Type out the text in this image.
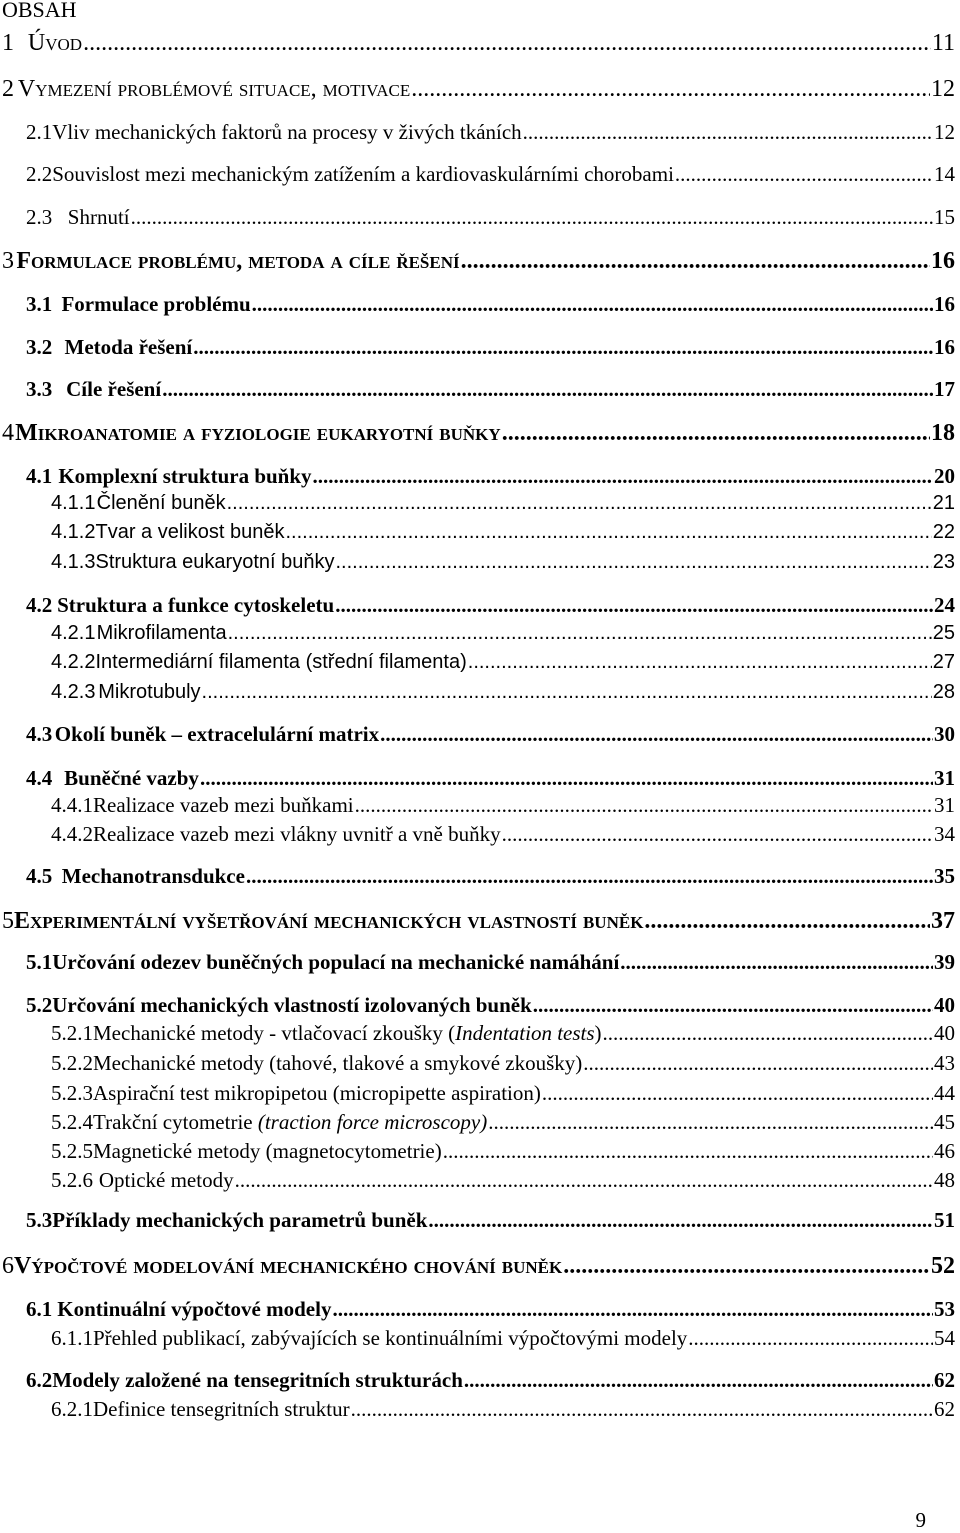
OBSAH
1 Úvod .....	11
2 Vymezení problémové situace, motivace .....	12
2.1 Vliv mechanických faktorů na procesy v živých tkáních .....	12
2.2 Souvislost mezi mechanickým zatížením a kardiovaskulárními chorobami .....	14
2.3 Shrnutí .....	15
3 Formulace problému, metoda a cíle řešení .....	16
3.1 Formulace problému .....	16
3.2 Metoda řešení .....	16
3.3 Cíle řešení .....	17
4 Mikroanatomie a fyziologie eukaryotní buňky .....	18
4.1 Komplexní struktura buňky .....	20
4.1.1 Členění buněk .....	21
4.1.2 Tvar a velikost buněk .....	22
4.1.3 Struktura eukaryotní buňky .....	23
4.2 Struktura a funkce cytoskeletu .....	24
4.2.1 Mikrofilamenta .....	25
4.2.2 Intermediární filamenta (střední filamenta) .....	27
4.2.3 Mikrotubuly .....	28
4.3 Okolí buněk – extracelulární matrix .....	30
4.4 Buněčné vazby .....	31
4.4.1 Realizace vazeb mezi buňkami .....	31
4.4.2 Realizace vazeb mezi vlákny uvnitř a vně buňky .....	34
4.5 Mechanotransdukce .....	35
5 Experimentální vyšetřování mechanických vlastností buněk .....	37
5.1 Určování odezev buněčných populací na mechanické namáhání .....	39
5.2 Určování mechanických vlastností izolovaných buněk .....	40
5.2.1 Mechanické metody - vtlačovací zkoušky (Indentation tests) .....	40
5.2.2 Mechanické metody (tahové, tlakové a smykové zkoušky) .....	43
5.2.3 Aspirační test mikropipetou (micropipette aspiration) .....	44
5.2.4 Trakční cytometrie (traction force microscopy) .....	45
5.2.5 Magnetické metody (magnetocytometrie) .....	46
5.2.6 Optické metody .....	48
5.3 Příklady mechanických parametrů buněk .....	51
6 Výpočtové modelování mechanického chování buněk .....	52
6.1 Kontinuální výpočtové modely .....	53
6.1.1 Přehled publikací, zabývajících se kontinuálními výpočtovými modely .....	54
6.2 Modely založené na tensegritních strukturách .....	62
6.2.1 Definice tensegritních struktur .....	62
9
